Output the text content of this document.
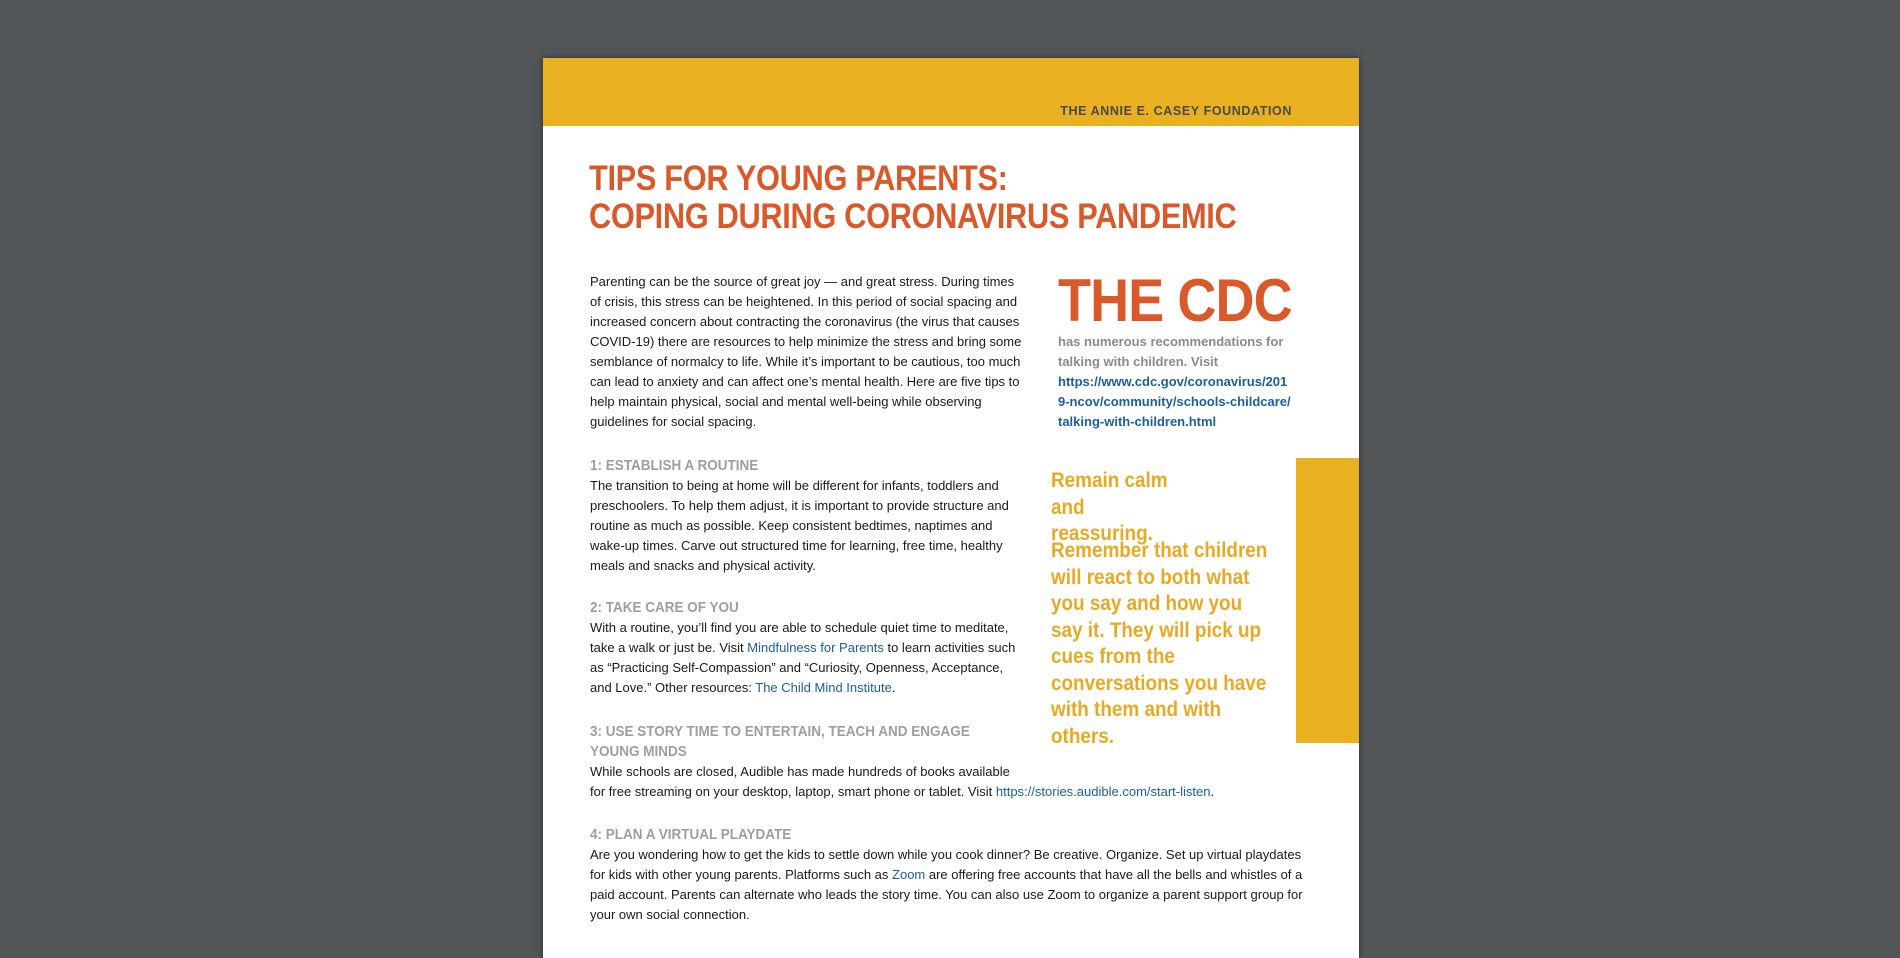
THE ANNIE E. CASEY FOUNDATION
TIPS FOR YOUNG PARENTS:
COPING DURING CORONAVIRUS PANDEMIC

Parenting can be the source of great joy — and great stress. During times of crisis, this stress can be heightened. In this period of social spacing and increased concern about contracting the coronavirus (the virus that causes COVID-19) there are resources to help minimize the stress and bring some semblance of normalcy to life. While it’s important to be cautious, too much can lead to anxiety and can affect one’s mental health. Here are five tips to help maintain physical, social and mental well-being while observing guidelines for social spacing.

1: ESTABLISH A ROUTINE

The transition to being at home will be different for infants, toddlers and preschoolers. To help them adjust, it is important to provide structure and routine as much as possible. Keep consistent bedtimes, naptimes and wake-up times. Carve out structured time for learning, free time, healthy meals and snacks and physical activity.

2: TAKE CARE OF YOU

With a routine, you’ll find you are able to schedule quiet time to meditate, take a walk or just be. Visit Mindfulness for Parents to learn activities such as “Practicing Self-Compassion” and “Curiosity, Openness, Acceptance, and Love.” Other resources: The Child Mind Institute.

3: USE STORY TIME TO ENTERTAIN, TEACH AND ENGAGE
YOUNG MINDS

While schools are closed, Audible has made hundreds of books available
for free streaming on your desktop, laptop, smart phone or tablet. Visit https://stories.audible.com/start-listen.

4: PLAN A VIRTUAL PLAYDATE

Are you wondering how to get the kids to settle down while you cook dinner? Be creative. Organize. Set up virtual playdates for kids with other young parents. Platforms such as Zoom are offering free accounts that have all the bells and whistles of a paid account. Parents can alternate who leads the story time. You can also use Zoom to organize a parent support group for your own social connection.

THE CDC

has numerous recommendations for talking with children. Visit

https://www.cdc.gov/coronavirus/2019-ncov/community/schools-childcare/talking-with-children.html

Remain calm and reassuring.

Remember that children will react to both what you say and how you say it. They will pick up cues from the conversations you have with them and with others.
